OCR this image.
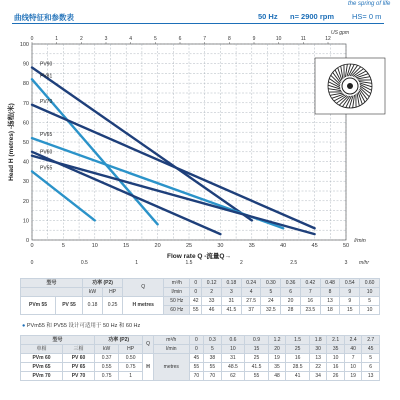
the spring of life
曲线特征和参数表	50 Hz n= 2900 rpm HS= 0 m
0	5	10	15	20	25	30	35	40	45	50
0
10
20
30
40
50
60
70
80
90
100
0	1	2	3	4	5	6	7	8	9	10	11	12
US gpm
0	0.5	1	1.5	2	2.5	3 m/hr
l/min
Flow rate Q -流量Q→
Head H (metres) -扬程(米)
PV90
PV81
PV70
PV65
PV60
PV55
型号		功率 (P2)		Q	m³/h	0	0.12	0.18	0.24	0.30	0.36	0.42	0.48	0.54	0.60
		kW	HP		l/min	0	2	3	4	5	6	7	8	9	10
PVm 55	PV 55	0.18	0.25	H metres	50 Hz	42	33	31	27.5	24	20	16	13	9	5
					60 Hz	55	46	41.5	37	32.5	28	23.5	18	15	10
● PVm55 和 PV55 设计可适用于 50 Hz 和 60 Hz
型号		功率 (P2)		Q	m³/h	0	0.3	0.6	0.9	1.2	1.5	1.8	2.1	2.4	2.7
单相	三相	kW	HP		l/min	0	5	10	15	20	25	30	35	40	45
PVm 60	PV 60	0.37	0.50	H	metres	45	38	31	25	19	16	13	10	7	5
PVm 65	PV 65	0.55	0.75			55	55	48.5	41.5	35	28.5	22	16	10	6
PVm 70	PV 70	0.75	1			70	70	62	55	48	41	34	26	19	13
